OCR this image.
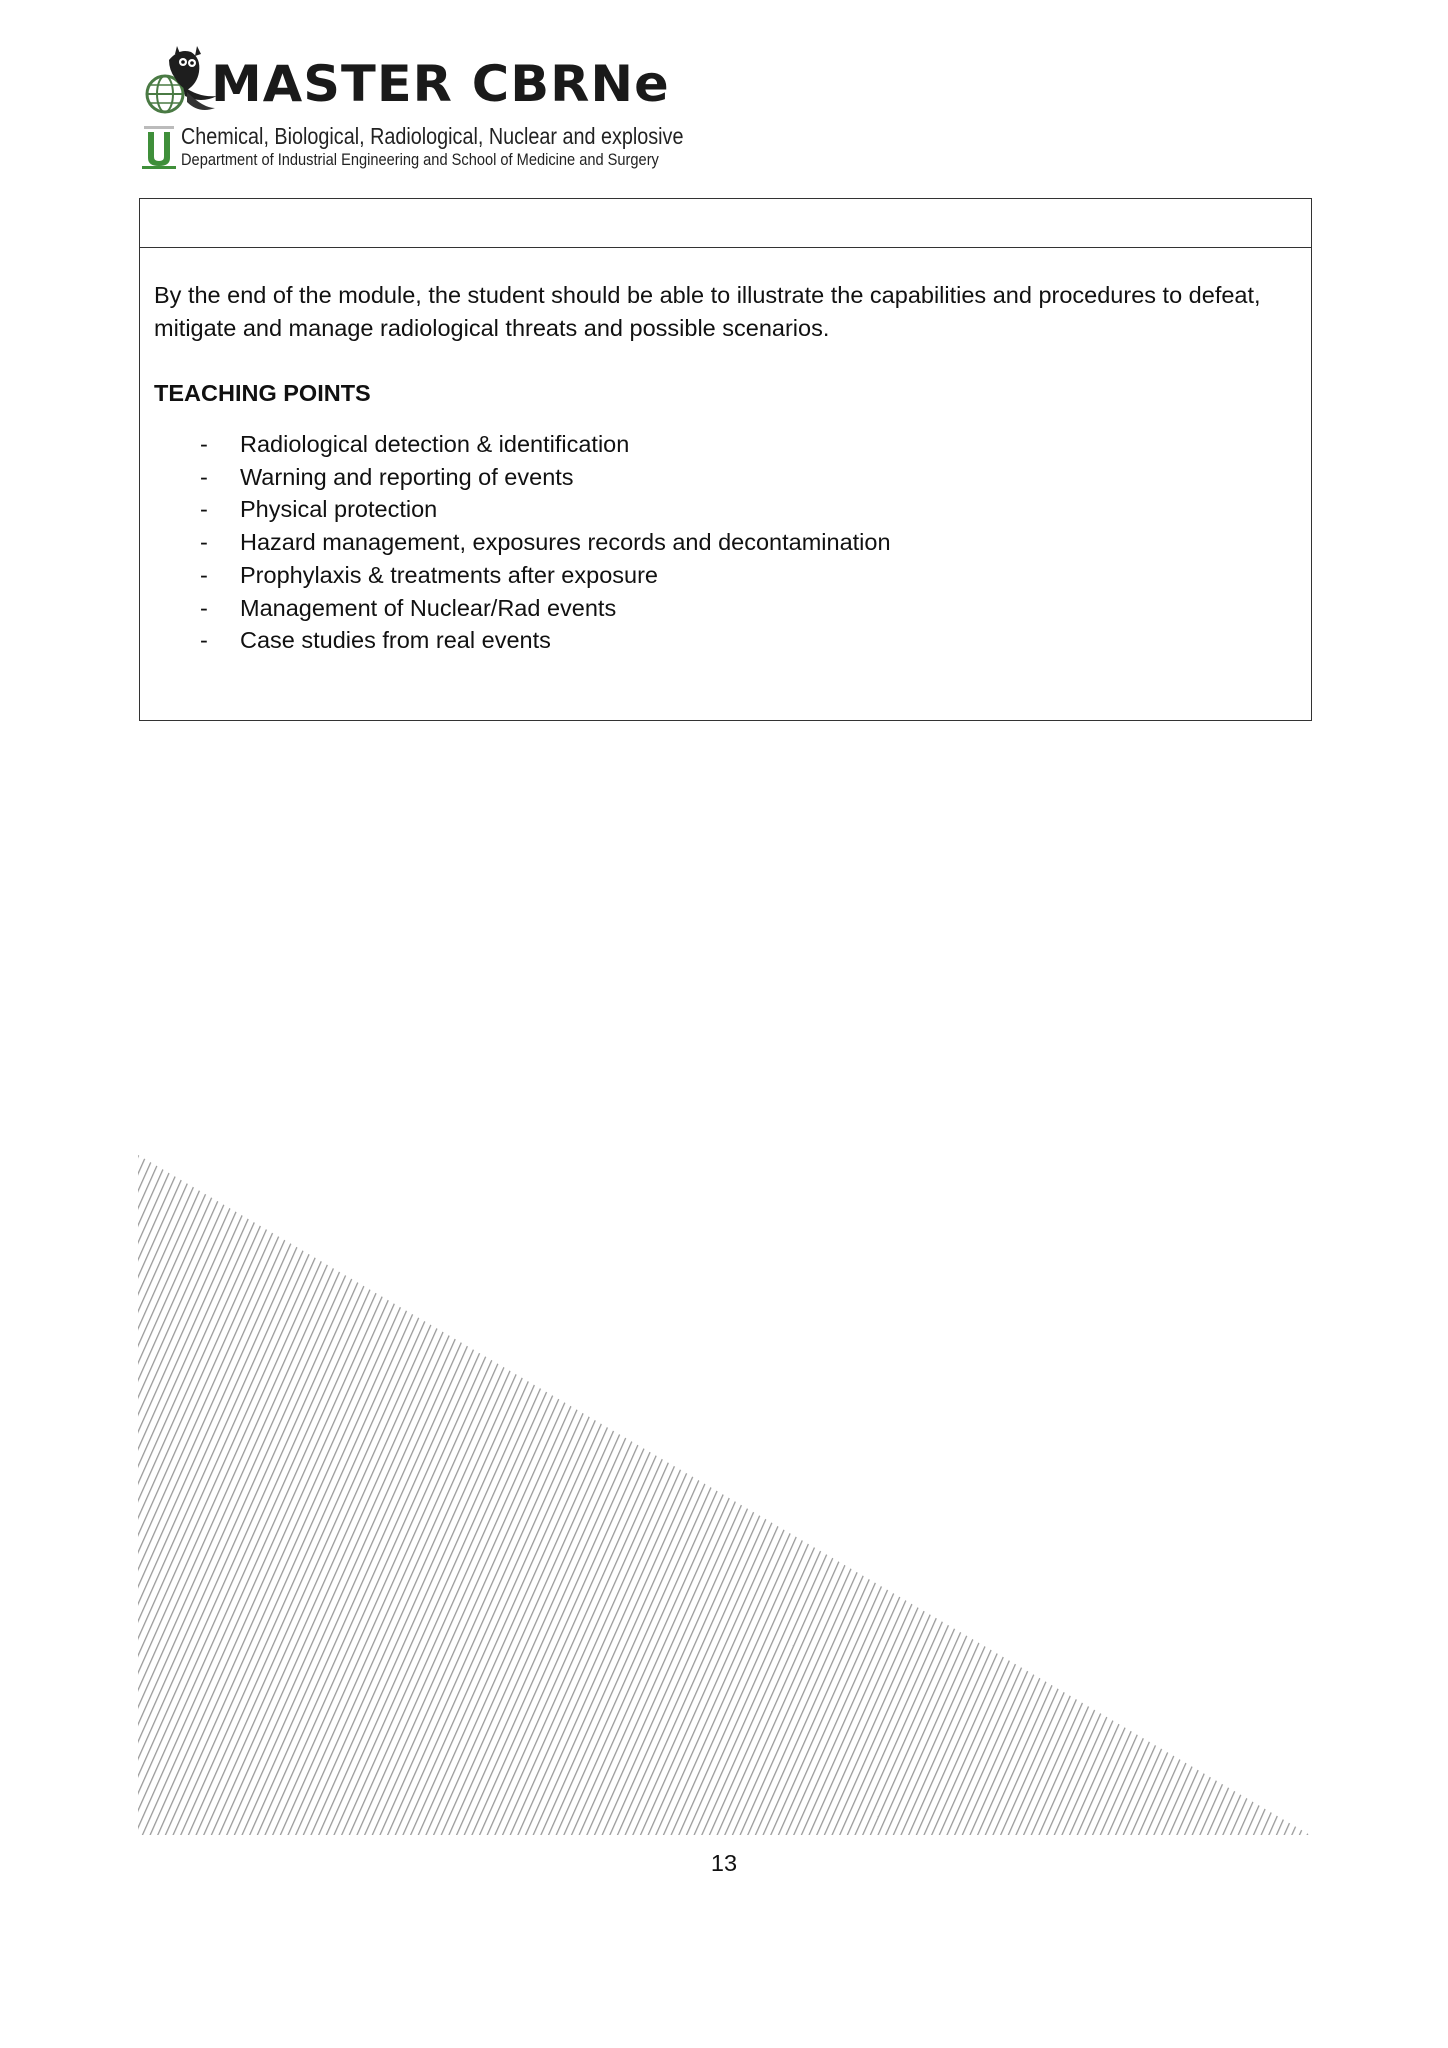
MASTER CBRNe
Chemical, Biological, Radiological, Nuclear and explosive
Department of Industrial Engineering and School of Medicine and Surgery

By the end of the module, the student should be able to illustrate the capabilities and procedures to defeat, mitigate and manage radiological threats and possible scenarios.

TEACHING POINTS
- Radiological detection & identification
- Warning and reporting of events
- Physical protection
- Hazard management, exposures records and decontamination
- Prophylaxis & treatments after exposure
- Management of Nuclear/Rad events
- Case studies from real events
13
